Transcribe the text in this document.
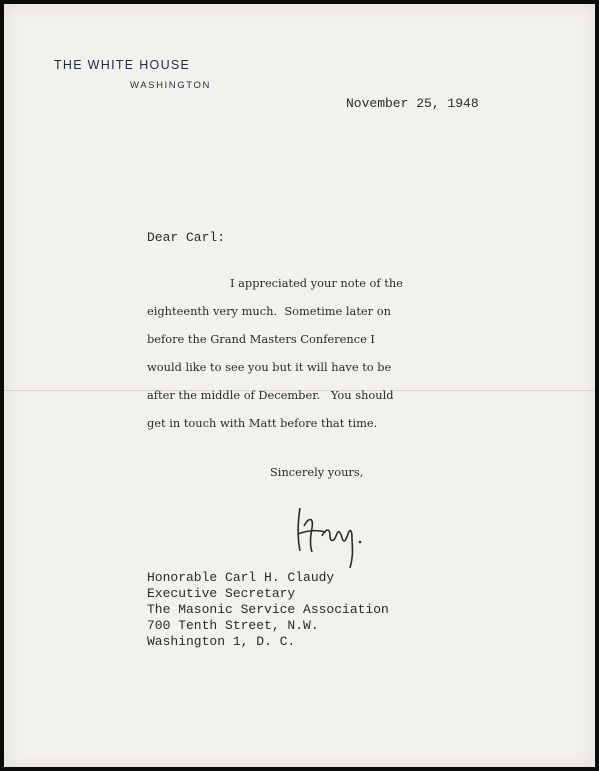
THE WHITE HOUSE
WASHINGTON
November 25, 1948
Dear Carl:
I appreciated your note of the
eighteenth very much.  Sometime later on
before the Grand Masters Conference I
would like to see you but it will have to be
after the middle of December.   You should
get in touch with Matt before that time.
Sincerely yours,
Honorable Carl H. Claudy
Executive Secretary
The Masonic Service Association
700 Tenth Street, N.W.
Washington 1, D. C.
